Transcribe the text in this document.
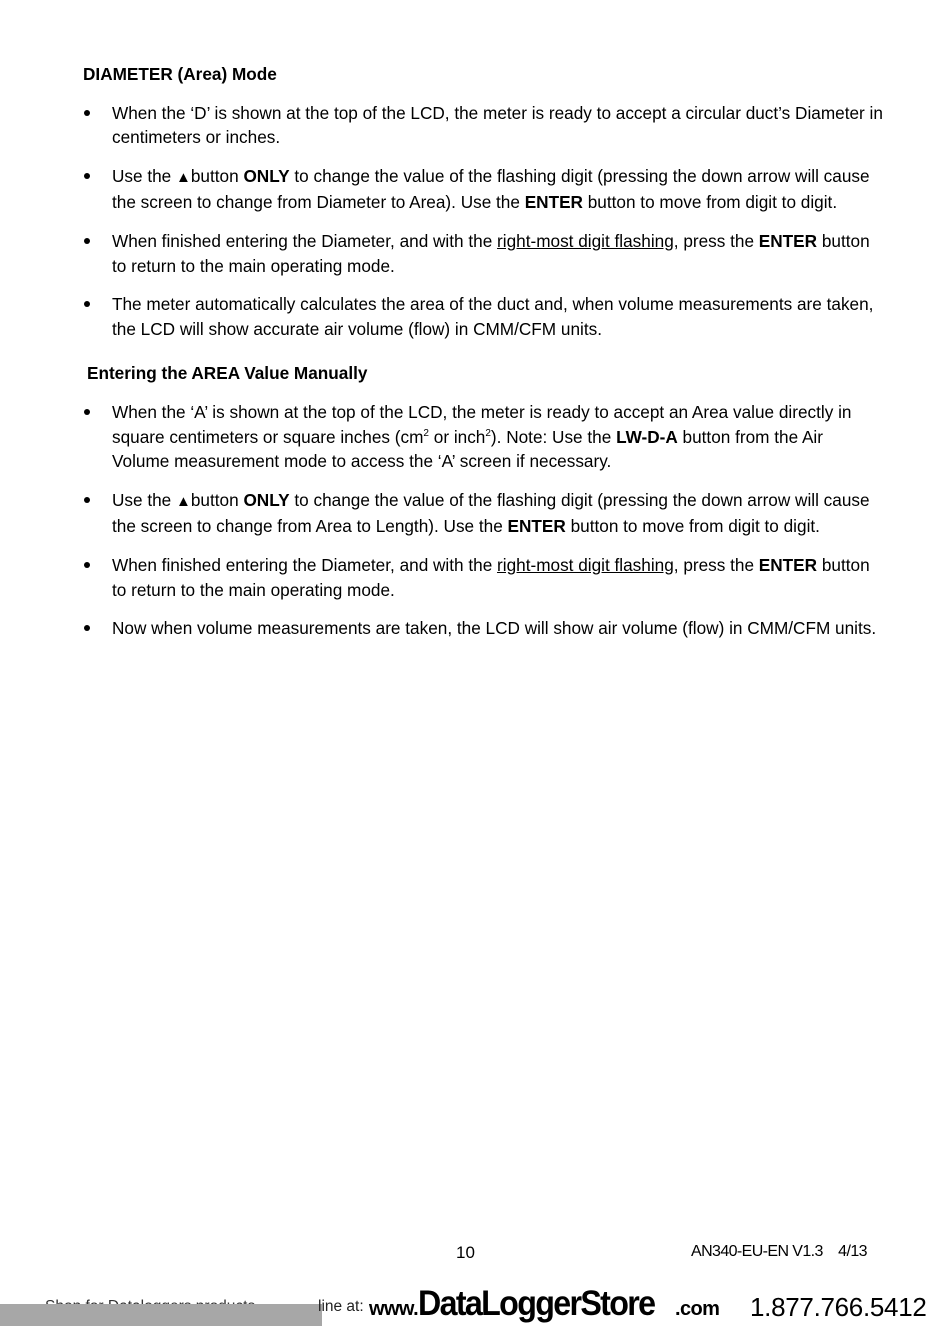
DIAMETER (Area) Mode
When the ‘D’ is shown at the top of the LCD, the meter is ready to accept a circular duct’s Diameter in centimeters or inches.
Use the ▲button ONLY to change the value of the flashing digit (pressing the down arrow will cause the screen to change from Diameter to Area). Use the ENTER button to move from digit to digit.
When finished entering the Diameter, and with the right-most digit flashing, press the ENTER button to return to the main operating mode.
The meter automatically calculates the area of the duct and, when volume measurements are taken, the LCD will show accurate air volume (flow) in CMM/CFM units.
Entering the AREA Value Manually
When the ‘A’ is shown at the top of the LCD, the meter is ready to accept an Area value directly in square centimeters or square inches ($cm^2$ or inch$^2$). Note: Use the LW-D-A button from the Air Volume measurement mode to access the ‘A’ screen if necessary.
Use the ▲button ONLY to change the value of the flashing digit (pressing the down arrow will cause the screen to change from Area to Length). Use the ENTER button to move from digit to digit.
When finished entering the Diameter, and with the right-most digit flashing, press the ENTER button to return to the main operating mode.
Now when volume measurements are taken, the LCD will show air volume (flow) in CMM/CFM units.
10	AN340-EU-EN V1.3    4/13
line at: www.DataLoggerStore .com 1.877.766.5412
